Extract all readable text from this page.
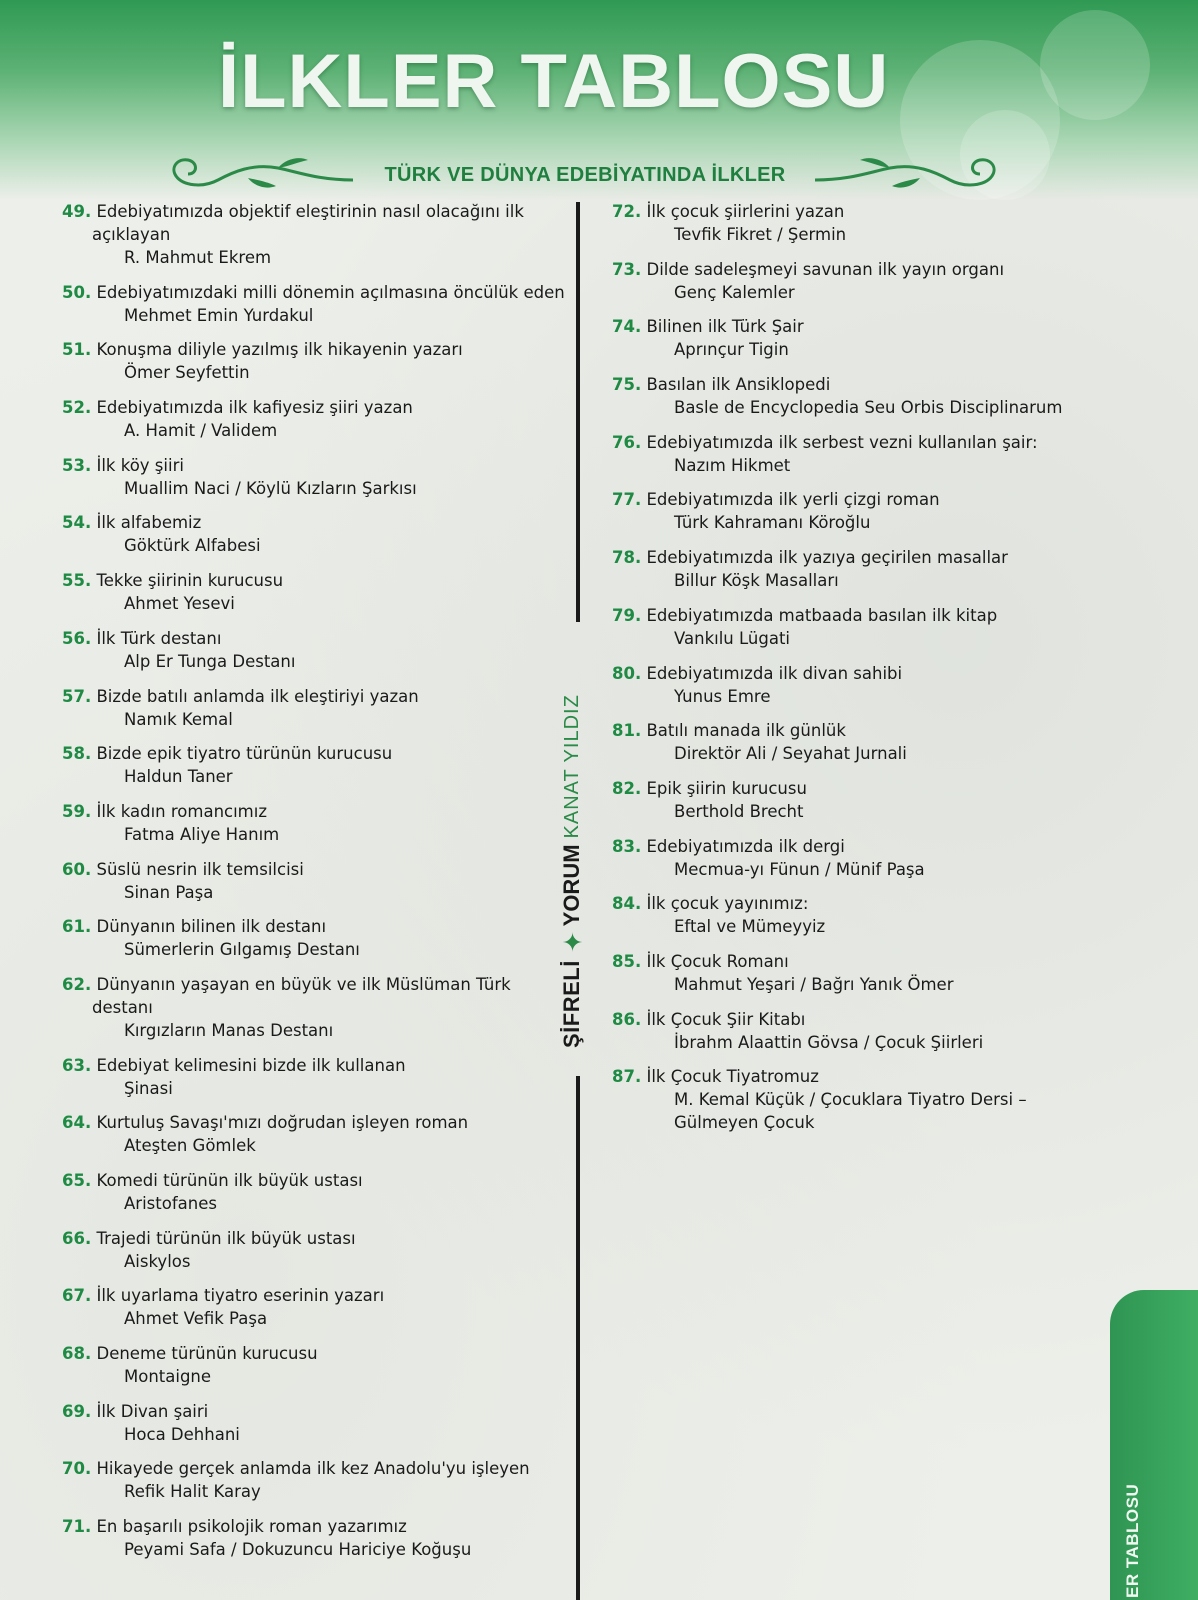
İLKLER TABLOSU
TÜRK VE DÜNYA EDEBİYATINDA İLKLER
49. Edebiyatımızda objektif eleştirinin nasıl olacağını ilk açıklayan
R. Mahmut Ekrem
50. Edebiyatımızdaki milli dönemin açılmasına öncülük eden
Mehmet Emin Yurdakul
51. Konuşma diliyle yazılmış ilk hikayenin yazarı
Ömer Seyfettin
52. Edebiyatımızda ilk kafiyesiz şiiri yazan
A. Hamit / Validem
53. İlk köy şiiri
Muallim Naci / Köylü Kızların Şarkısı
54. İlk alfabemiz
Göktürk Alfabesi
55. Tekke şiirinin kurucusu
Ahmet Yesevi
56. İlk Türk destanı
Alp Er Tunga Destanı
57. Bizde batılı anlamda ilk eleştiriyi yazan
Namık Kemal
58. Bizde epik tiyatro türünün kurucusu
Haldun Taner
59. İlk kadın romancımız
Fatma Aliye Hanım
60. Süslü nesrin ilk temsilcisi
Sinan Paşa
61. Dünyanın bilinen ilk destanı
Sümerlerin Gılgamış Destanı
62. Dünyanın yaşayan en büyük ve ilk Müslüman Türk destanı
Kırgızların Manas Destanı
63. Edebiyat kelimesini bizde ilk kullanan
Şinasi
64. Kurtuluş Savaşı'mızı doğrudan işleyen roman
Ateşten Gömlek
65. Komedi türünün ilk büyük ustası
Aristofanes
66. Trajedi türünün ilk büyük ustası
Aiskylos
67. İlk uyarlama tiyatro eserinin yazarı
Ahmet Vefik Paşa
68. Deneme türünün kurucusu
Montaigne
69. İlk Divan şairi
Hoca Dehhani
70. Hikayede gerçek anlamda ilk kez Anadolu'yu işleyen
Refik Halit Karay
71. En başarılı psikolojik roman yazarımız
Peyami Safa / Dokuzuncu Hariciye Koğuşu
72. İlk çocuk şiirlerini yazan
Tevfik Fikret / Şermin
73. Dilde sadeleşmeyi savunan ilk yayın organı
Genç Kalemler
74. Bilinen ilk Türk Şair
Aprınçur Tigin
75. Basılan ilk Ansiklopedi
Basle de Encyclopedia Seu Orbis Disciplinarum
76. Edebiyatımızda ilk serbest vezni kullanılan şair:
Nazım Hikmet
77. Edebiyatımızda ilk yerli çizgi roman
Türk Kahramanı Köroğlu
78. Edebiyatımızda ilk yazıya geçirilen masallar
Billur Köşk Masalları
79. Edebiyatımızda matbaada basılan ilk kitap
Vankılu Lügati
80. Edebiyatımızda ilk divan sahibi
Yunus Emre
81. Batılı manada ilk günlük
Direktör Ali / Seyahat Jurnali
82. Epik şiirin kurucusu
Berthold Brecht
83. Edebiyatımızda ilk dergi
Mecmua-yı Fünun / Münif Paşa
84. İlk çocuk yayınımız:
Eftal ve Mümeyyiz
85. İlk Çocuk Romanı
Mahmut Yeşari / Bağrı Yanık Ömer
86. İlk Çocuk Şiir Kitabı
İbrahm Alaattin Gövsa / Çocuk Şiirleri
87. İlk Çocuk Tiyatromuz
M. Kemal Küçük / Çocuklara Tiyatro Dersi – Gülmeyen Çocuk
ŞİFRELİ
✦
YORUM
KANAT YILDIZ
ER TABLOSU
